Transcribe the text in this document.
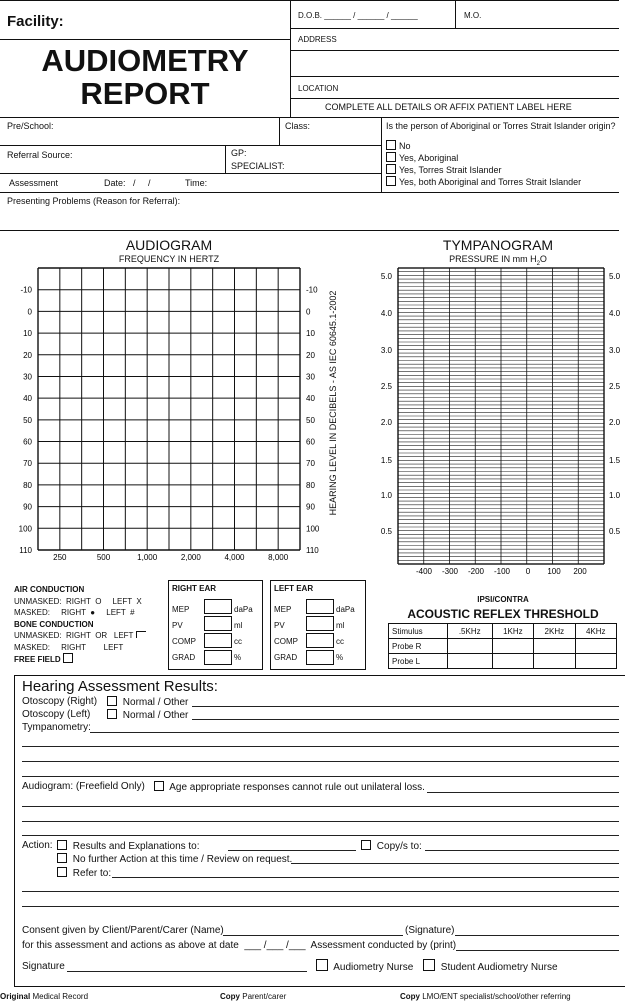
Facility:
AUDIOMETRY
REPORT
D.O.B. ______ / ______ / ______	M.O.
ADDRESS
LOCATION
COMPLETE ALL DETAILS OR AFFIX PATIENT LABEL HERE
Pre/School:	Class:	Is the person of Aboriginal or Torres Strait Islander origin?
Referral Source:	GP:
SPECIALIST:
Assessment	Date:   /     /	Time:
No
Yes, Aboriginal
Yes, Torres Strait Islander
Yes, both Aboriginal and Torres Strait Islander
Presenting Problems (Reason for Referral):
AUDIOGRAM
FREQUENCY IN HERTZ
-10	-10
0	0
10	10
20	20
30	30
40	40
50	50
60	60
70	70
80	80
90	90
100	100
110	110
250	500	1,000	2,000	4,000	8,000
HEARING LEVEL IN DECIBELS - AS IEC 60645.1-2002
TYMPANOGRAM
PRESSURE IN mm $H_2O$
5.0
4.0
3.0
2.5
2.0
1.5
1.0
0.5
5.0
4.0
3.0
2.5
2.0
1.5
1.0
0.5
-400 -300 -200 -100 0 100 200
AIR CONDUCTION
UNMASKED:  RIGHT  O     LEFT  X
MASKED:     RIGHT  ●     LEFT  #
BONE CONDUCTION
UNMASKED:  RIGHT  OR   LEFT
MASKED:     RIGHT        LEFT
FREE FIELD
RIGHT EAR
MEP	daPa
PV	ml
COMP	cc
GRAD	%
LEFT EAR
MEP	daPa
PV	ml
COMP	cc
GRAD	%
IPSI/CONTRA
ACOUSTIC REFLEX THRESHOLD
Stimulus	.5KHz	1KHz	2KHz	4KHz
Probe R				
Probe L				
Hearing Assessment Results:
Otoscopy (Right)	Normal / Other
Otoscopy (Left)	Normal / Other
Tympanometry:
Audiogram: (Freefield Only)	Age appropriate responses cannot rule out unilateral loss.
Action:	Results and Explanations to:	Copy/s to:
No further Action at this time / Review on request.
Refer to:
Consent given by Client/Parent/Carer (Name)	(Signature)
for this assessment and actions as above at date  ___ /___ /___  Assessment conducted by (print)
Signature	Audiometry Nurse	Student Audiometry Nurse
Original Medical Record	Copy Parent/carer	Copy LMO/ENT specialist/school/other referring
